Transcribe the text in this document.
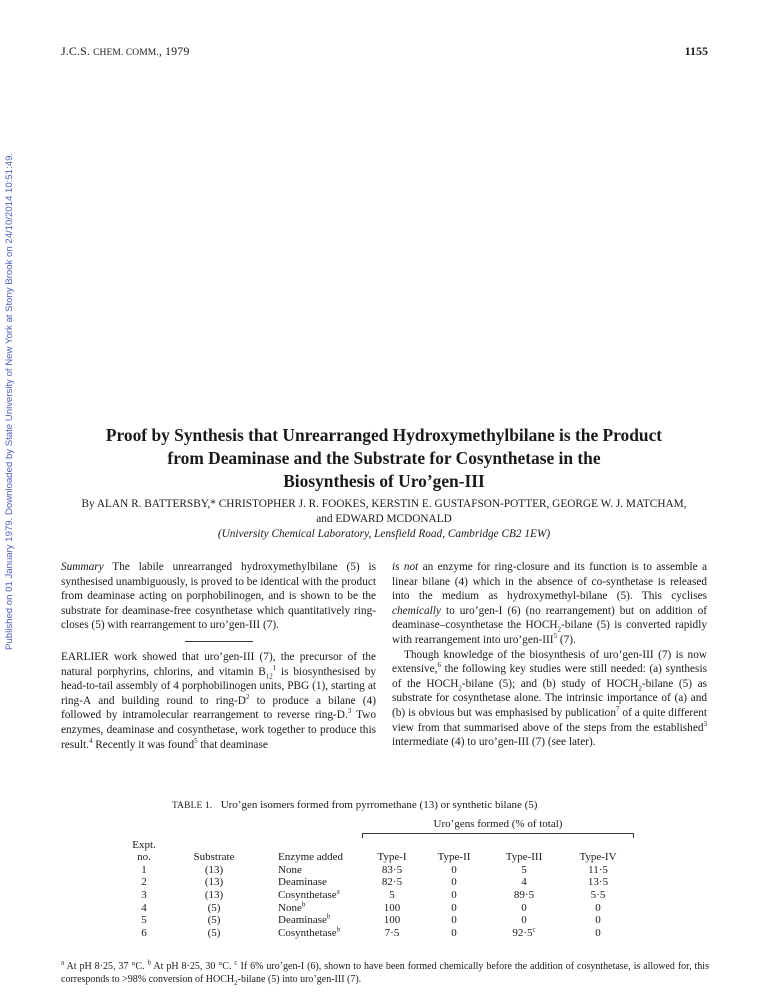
Published on 01 January 1979. Downloaded by State University of New York at Stony Brook on 24/10/2014 10:51:49.
J.C.S. CHEM. COMM., 1979	1155
Proof by Synthesis that Unrearranged Hydroxymethylbilane is the Product
from Deaminase and the Substrate for Cosynthetase in the
Biosynthesis of Uro’gen-III
By ALAN R. BATTERSBY,* CHRISTOPHER J. R. FOOKES, KERSTIN E. GUSTAFSON-POTTER, GEORGE W. J. MATCHAM,
and EDWARD MCDONALD
(University Chemical Laboratory, Lensfield Road, Cambridge CB2 1EW)

Summary The labile unrearranged hydroxymethylbilane (5) is synthesised unambiguously, is proved to be identical with the product from deaminase acting on porphobilinogen, and is shown to be the substrate for deaminase-free cosynthetase which quantitatively ring-closes (5) with rearrangement to uro’gen-III (7).

EARLIER work showed that uro’gen-III (7), the precursor of the natural porphyrins, chlorins, and vitamin $B_{12}^1$ is biosynthesised by head-to-tail assembly of 4 porphobilinogen units, PBG (1), starting at ring-A and building round to ring-$D^2$ to produce a bilane (4) followed by intramolecular rearrangement to reverse ring-D.$^3$ Two enzymes, deaminase and cosynthetase, work together to produce this result.$^4$ Recently it was found$^5$ that deaminase

is not an enzyme for ring-closure and its function is to assemble a linear bilane (4) which in the absence of co-synthetase is released into the medium as hydroxymethyl-bilane (5). This cyclises chemically to uro’gen-I (6) (no rearrangement) but on addition of deaminase–cosynthetase the $HOCH_2$-bilane (5) is converted rapidly with rearrangement into uro’gen-III$^5$ (7).

Though knowledge of the biosynthesis of uro’gen-III (7) is now extensive,$^6$ the following key studies were still needed: (a) synthesis of the $HOCH_2$-bilane (5); and (b) study of $HOCH_2$-bilane (5) as substrate for cosynthetase alone. The intrinsic importance of (a) and (b) is obvious but was emphasised by publication$^7$ of a quite different view from that summarised above of the steps from the established$^3$ intermediate (4) to uro’gen-III (7) (see later).

TABLE 1. Uro’gen isomers formed from pyrromethane (13) or synthetic bilane (5)

			Uro’gens formed (% of total)			

Expt.						
no.	Substrate	Enzyme added	Type-I	Type-II	Type-III	Type-IV
1	(13)	None	83·5	0	5	11·5
2	(13)	Deaminase	82·5	0	4	13·5
3	(13)	Cosynthetase$^a$	5	0	89·5	5·5
4	(5)	None$^b$	100	0	0	0
5	(5)	Deaminase$^b$	100	0	0	0
6	(5)	Cosynthetase$^b$	7·5	0	$92\cdot 5^c$	0
$^a$ At pH 8·25, 37 °C. $^b$ At pH 8·25, 30 °C. $^c$ If 6% uro’gen-I (6), shown to have been formed chemically before the addition of cosynthetase, is allowed for, this corresponds to >98% conversion of $HOCH_2$-bilane (5) into uro’gen-III (7).
